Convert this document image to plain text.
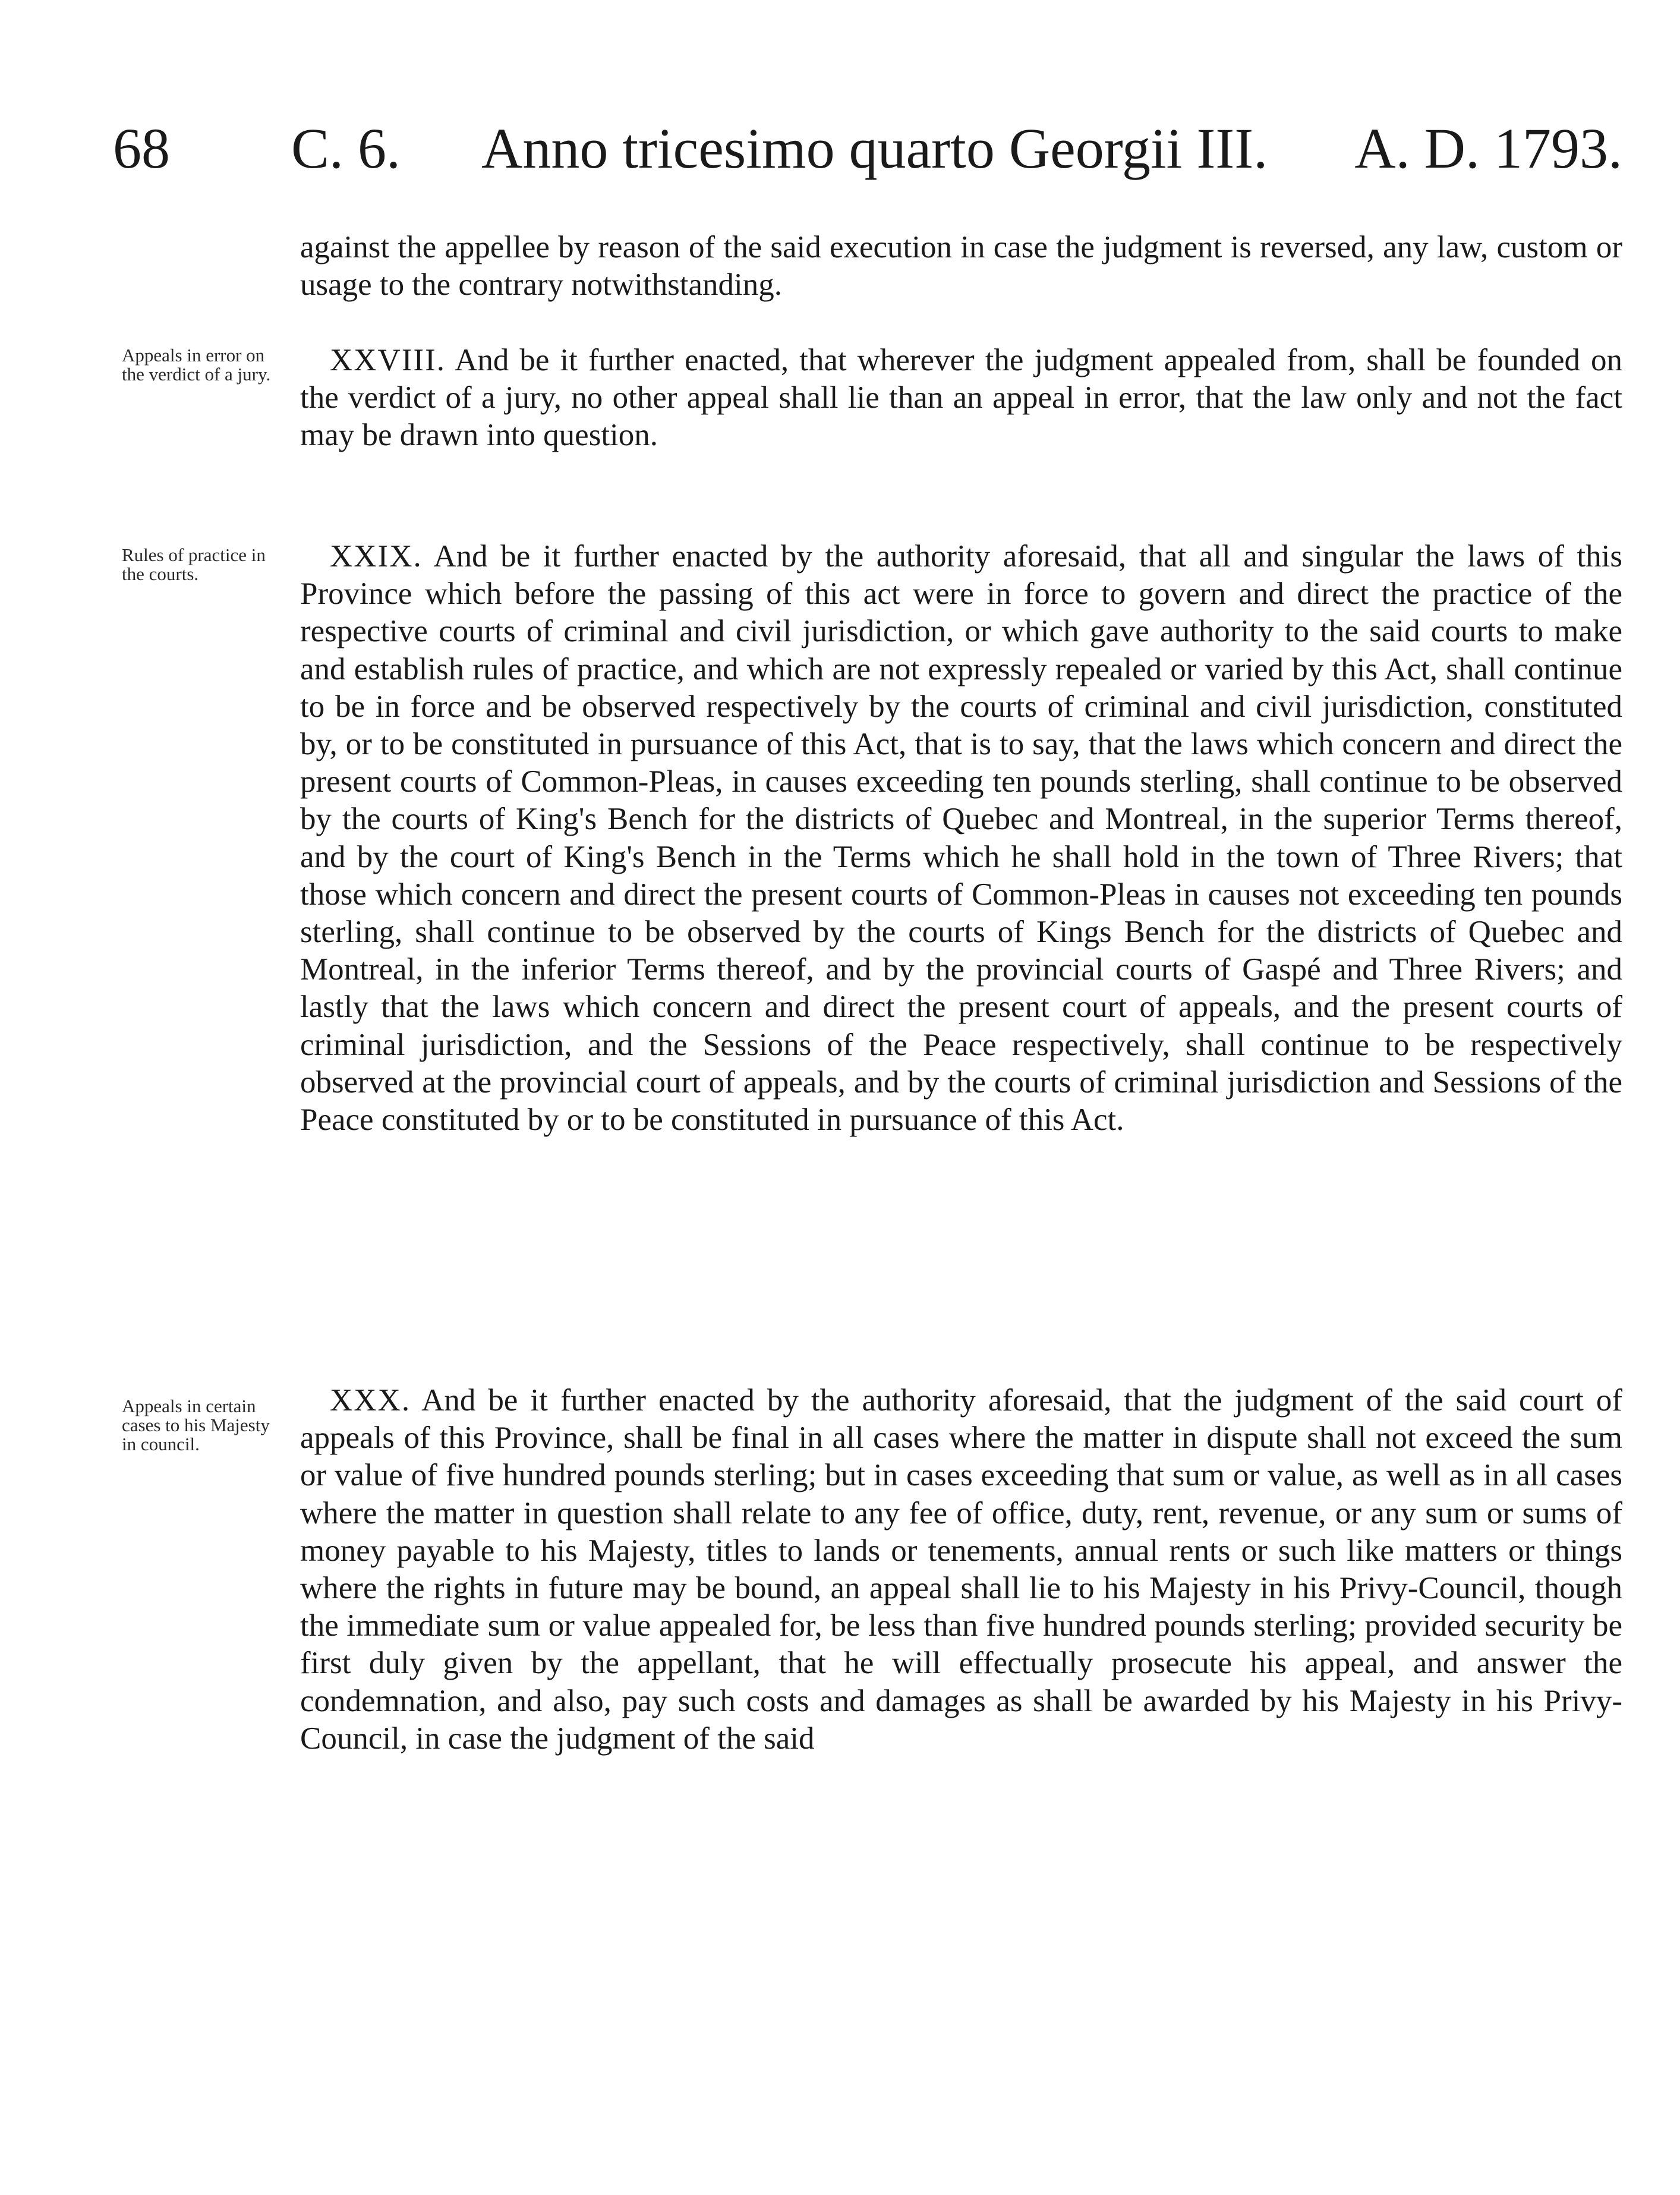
68 C. 6. Anno tricesimo quarto Georgii III. A. D. 1793.
against the appellee by reason of the said execution in case the judgment is reversed, any law, custom or usage to the contrary notwithstanding.
Appeals in error on the verdict of a jury.	XXVIII. And be it further enacted, that wherever the judgment appealed from, shall be founded on the verdict of a jury, no other appeal shall lie than an appeal in error, that the law only and not the fact may be drawn into question.
Rules of practice in the courts.
XXIX. And be it further enacted by the authority aforesaid, that all and singular the laws of this Province which before the passing of this act were in force to govern and direct the practice of the respective courts of criminal and civil jurisdiction, or which gave authority to the said courts to make and establish rules of practice, and which are not expressly repealed or varied by this Act, shall continue to be in force and be observed respectively by the courts of criminal and civil jurisdiction, constituted by, or to be constituted in pursuance of this Act, that is to say, that the laws which concern and direct the present courts of Common-Pleas, in causes exceeding ten pounds sterling, shall continue to be observed by the courts of King's Bench for the districts of Quebec and Montreal, in the superior Terms thereof, and by the court of King's Bench in the Terms which he shall hold in the town of Three Rivers; that those which concern and direct the present courts of Common-Pleas in causes not exceeding ten pounds sterling, shall continue to be observed by the courts of Kings Bench for the districts of Quebec and Montreal, in the inferior Terms thereof, and by the provincial courts of Gaspé and Three Rivers; and lastly that the laws which concern and direct the present court of appeals, and the present courts of criminal jurisdiction, and the Sessions of the Peace respectively, shall continue to be respectively observed at the provincial court of appeals, and by the courts of criminal jurisdiction and Sessions of the Peace constituted by or to be constituted in pursuance of this Act.
Appeals in certain cases to his Majesty in council.
XXX. And be it further enacted by the authority aforesaid, that the judgment of the said court of appeals of this Province, shall be final in all cases where the matter in dispute shall not exceed the sum or value of five hundred pounds sterling; but in cases exceeding that sum or value, as well as in all cases where the matter in question shall relate to any fee of office, duty, rent, revenue, or any sum or sums of money payable to his Majesty, titles to lands or tenements, annual rents or such like matters or things where the rights in future may be bound, an appeal shall lie to his Majesty in his Privy-Council, though the immediate sum or value appealed for, be less than five hundred pounds sterling; provided security be first duly given by the appellant, that he will effectually prosecute his appeal, and answer the condemnation, and also, pay such costs and damages as shall be awarded by his Majesty in his Privy-Council, in case the judgment of the said
